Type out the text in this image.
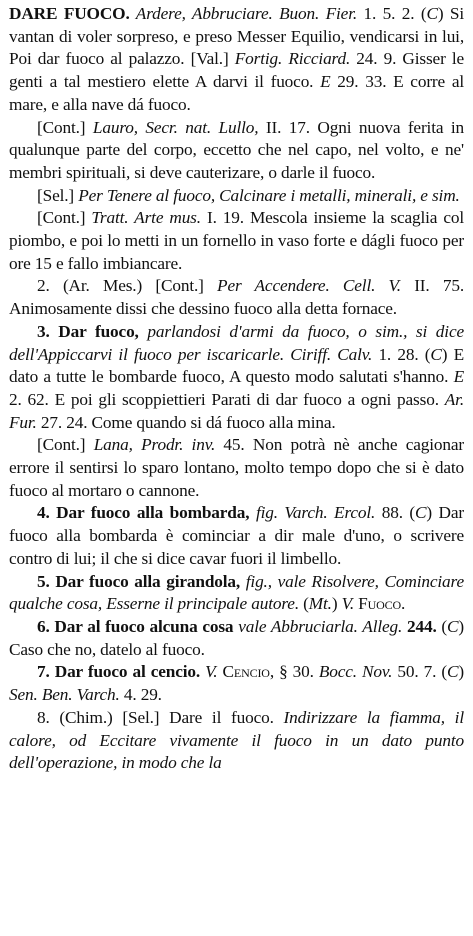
DARE FUOCO. Ardere, Abbruciare. Buon. Fier. 1. 5. 2. (C) Si vantan di voler sorpreso, e preso Messer Equilio, vendicarsi in lui, Poi dar fuoco al palazzo. [Val.] Fortig. Ricciard. 24. 9. Gisser le genti a tal mestiero elette A darvi il fuoco. E 29. 33. E corre al mare, e alla nave dá fuoco.

[Cont.] Lauro, Secr. nat. Lullo, II. 17. Ogni nuova ferita in qualunque parte del corpo, eccetto che nel capo, nel volto, e ne' membri spirituali, si deve cauterizare, o darle il fuoco.

[Sel.] Per Tenere al fuoco, Calcinare i metalli, minerali, e sim.

[Cont.] Tratt. Arte mus. I. 19. Mescola insieme la scaglia col piombo, e poi lo metti in un fornello in vaso forte e dágli fuoco per ore 15 e fallo imbiancare.

2. (Ar. Mes.) [Cont.] Per Accendere. Cell. V. II. 75. Animosamente dissi che dessino fuoco alla detta fornace.

3. Dar fuoco, parlandosi d'armi da fuoco, o sim., si dice dell'Appiccarvi il fuoco per iscaricarle. Ciriff. Calv. 1. 28. (C) E dato a tutte le bombarde fuoco, A questo modo salutati s'hanno. E 2. 62. E poi gli scoppiettieri Parati di dar fuoco a ogni passo. Ar. Fur. 27. 24. Come quando si dá fuoco alla mina.

[Cont.] Lana, Prodr. inv. 45. Non potrà nè anche cagionar errore il sentirsi lo sparo lontano, molto tempo dopo che si è dato fuoco al mortaro o cannone.

4. Dar fuoco alla bombarda, fig. Varch. Ercol. 88. (C) Dar fuoco alla bombarda è cominciar a dir male d'uno, o scrivere contro di lui; il che si dice cavar fuori il limbello.

5. Dar fuoco alla girandola, fig., vale Risolvere, Cominciare qualche cosa, Esserne il principale autore. (Mt.) V. Fuoco.

6. Dar al fuoco alcuna cosa vale Abbruciarla. Alleg. 244. (C) Caso che no, datelo al fuoco.

7. Dar fuoco al cencio. V. Cencio, § 30. Bocc. Nov. 50. 7. (C) Sen. Ben. Varch. 4. 29.

8. (Chim.) [Sel.] Dare il fuoco. Indirizzare la fiamma, il calore, od Eccitare vivamente il fuoco in un dato punto dell'operazione, in modo che la
